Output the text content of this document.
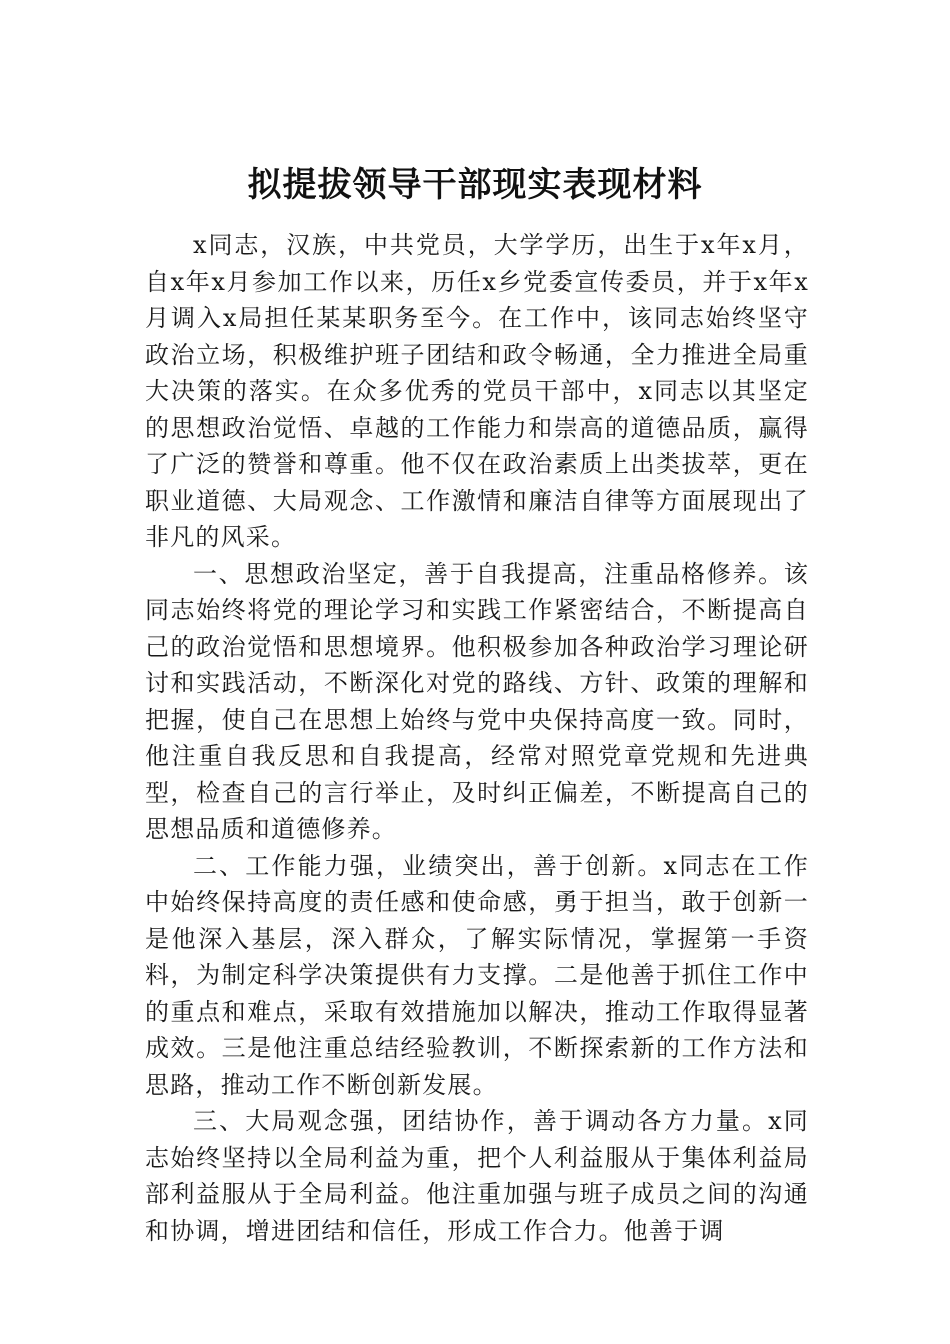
拟提拔领导干部现实表现材料

x同志，汉族，中共党员，大学学历，出生于x年x月，自x年x月参加工作以来，历任x乡党委宣传委员，并于x年x月调入x局担任某某职务至今。在工作中，该同志始终坚守政治立场，积极维护班子团结和政令畅通，全力推进全局重大决策的落实。在众多优秀的党员干部中，x同志以其坚定的思想政治觉悟、卓越的工作能力和崇高的道德品质，赢得了广泛的赞誉和尊重。他不仅在政治素质上出类拔萃，更在职业道德、大局观念、工作激情和廉洁自律等方面展现出了非凡的风采。

一、思想政治坚定，善于自我提高，注重品格修养。该同志始终将党的理论学习和实践工作紧密结合，不断提高自己的政治觉悟和思想境界。他积极参加各种政治学习理论研讨和实践活动，不断深化对党的路线、方针、政策的理解和把握，使自己在思想上始终与党中央保持高度一致。同时，他注重自我反思和自我提高，经常对照党章党规和先进典型，检查自己的言行举止，及时纠正偏差，不断提高自己的思想品质和道德修养。

二、工作能力强，业绩突出，善于创新。x同志在工作中始终保持高度的责任感和使命感，勇于担当，敢于创新一是他深入基层，深入群众，了解实际情况，掌握第一手资料，为制定科学决策提供有力支撑。二是他善于抓住工作中的重点和难点，采取有效措施加以解决，推动工作取得显著成效。三是他注重总结经验教训，不断探索新的工作方法和思路，推动工作不断创新发展。

三、大局观念强，团结协作，善于调动各方力量。x同志始终坚持以全局利益为重，把个人利益服从于集体利益局部利益服从于全局利益。他注重加强与班子成员之间的沟通和协调，增进团结和信任，形成工作合力。他善于调
